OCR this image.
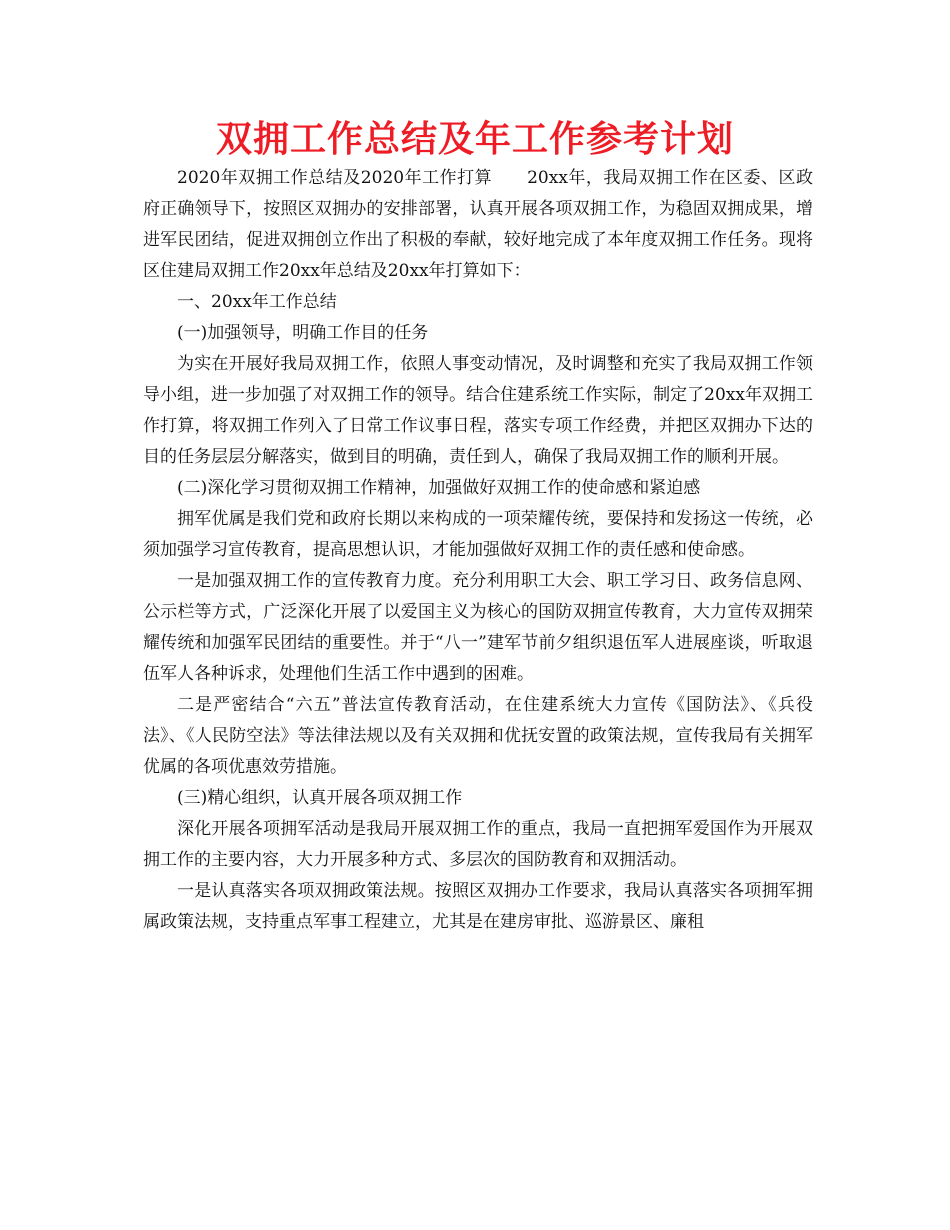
双拥工作总结及年工作参考计划

2020年双拥工作总结及2020年工作打算　　20xx年，我局双拥工作在区委、区政府正确领导下，按照区双拥办的安排部署，认真开展各项双拥工作，为稳固双拥成果，增进军民团结，促进双拥创立作出了积极的奉献，较好地完成了本年度双拥工作任务。现将区住建局双拥工作20xx年总结及20xx年打算如下：

一、20xx年工作总结

(一)加强领导，明确工作目的任务

为实在开展好我局双拥工作，依照人事变动情况，及时调整和充实了我局双拥工作领导小组，进一步加强了对双拥工作的领导。结合住建系统工作实际，制定了20xx年双拥工作打算，将双拥工作列入了日常工作议事日程，落实专项工作经费，并把区双拥办下达的目的任务层层分解落实，做到目的明确，责任到人，确保了我局双拥工作的顺利开展。

(二)深化学习贯彻双拥工作精神，加强做好双拥工作的使命感和紧迫感

拥军优属是我们党和政府长期以来构成的一项荣耀传统，要保持和发扬这一传统，必须加强学习宣传教育，提高思想认识，才能加强做好双拥工作的责任感和使命感。

一是加强双拥工作的宣传教育力度。充分利用职工大会、职工学习日、政务信息网、公示栏等方式，广泛深化开展了以爱国主义为核心的国防双拥宣传教育，大力宣传双拥荣耀传统和加强军民团结的重要性。并于“八一”建军节前夕组织退伍军人进展座谈，听取退伍军人各种诉求，处理他们生活工作中遇到的困难。

二是严密结合“六五”普法宣传教育活动，在住建系统大力宣传《国防法》、《兵役法》、《人民防空法》等法律法规以及有关双拥和优抚安置的政策法规，宣传我局有关拥军优属的各项优惠效劳措施。

(三)精心组织，认真开展各项双拥工作

深化开展各项拥军活动是我局开展双拥工作的重点，我局一直把拥军爱国作为开展双拥工作的主要内容，大力开展多种方式、多层次的国防教育和双拥活动。

一是认真落实各项双拥政策法规。按照区双拥办工作要求，我局认真落实各项拥军拥属政策法规，支持重点军事工程建立，尤其是在建房审批、巡游景区、廉租
